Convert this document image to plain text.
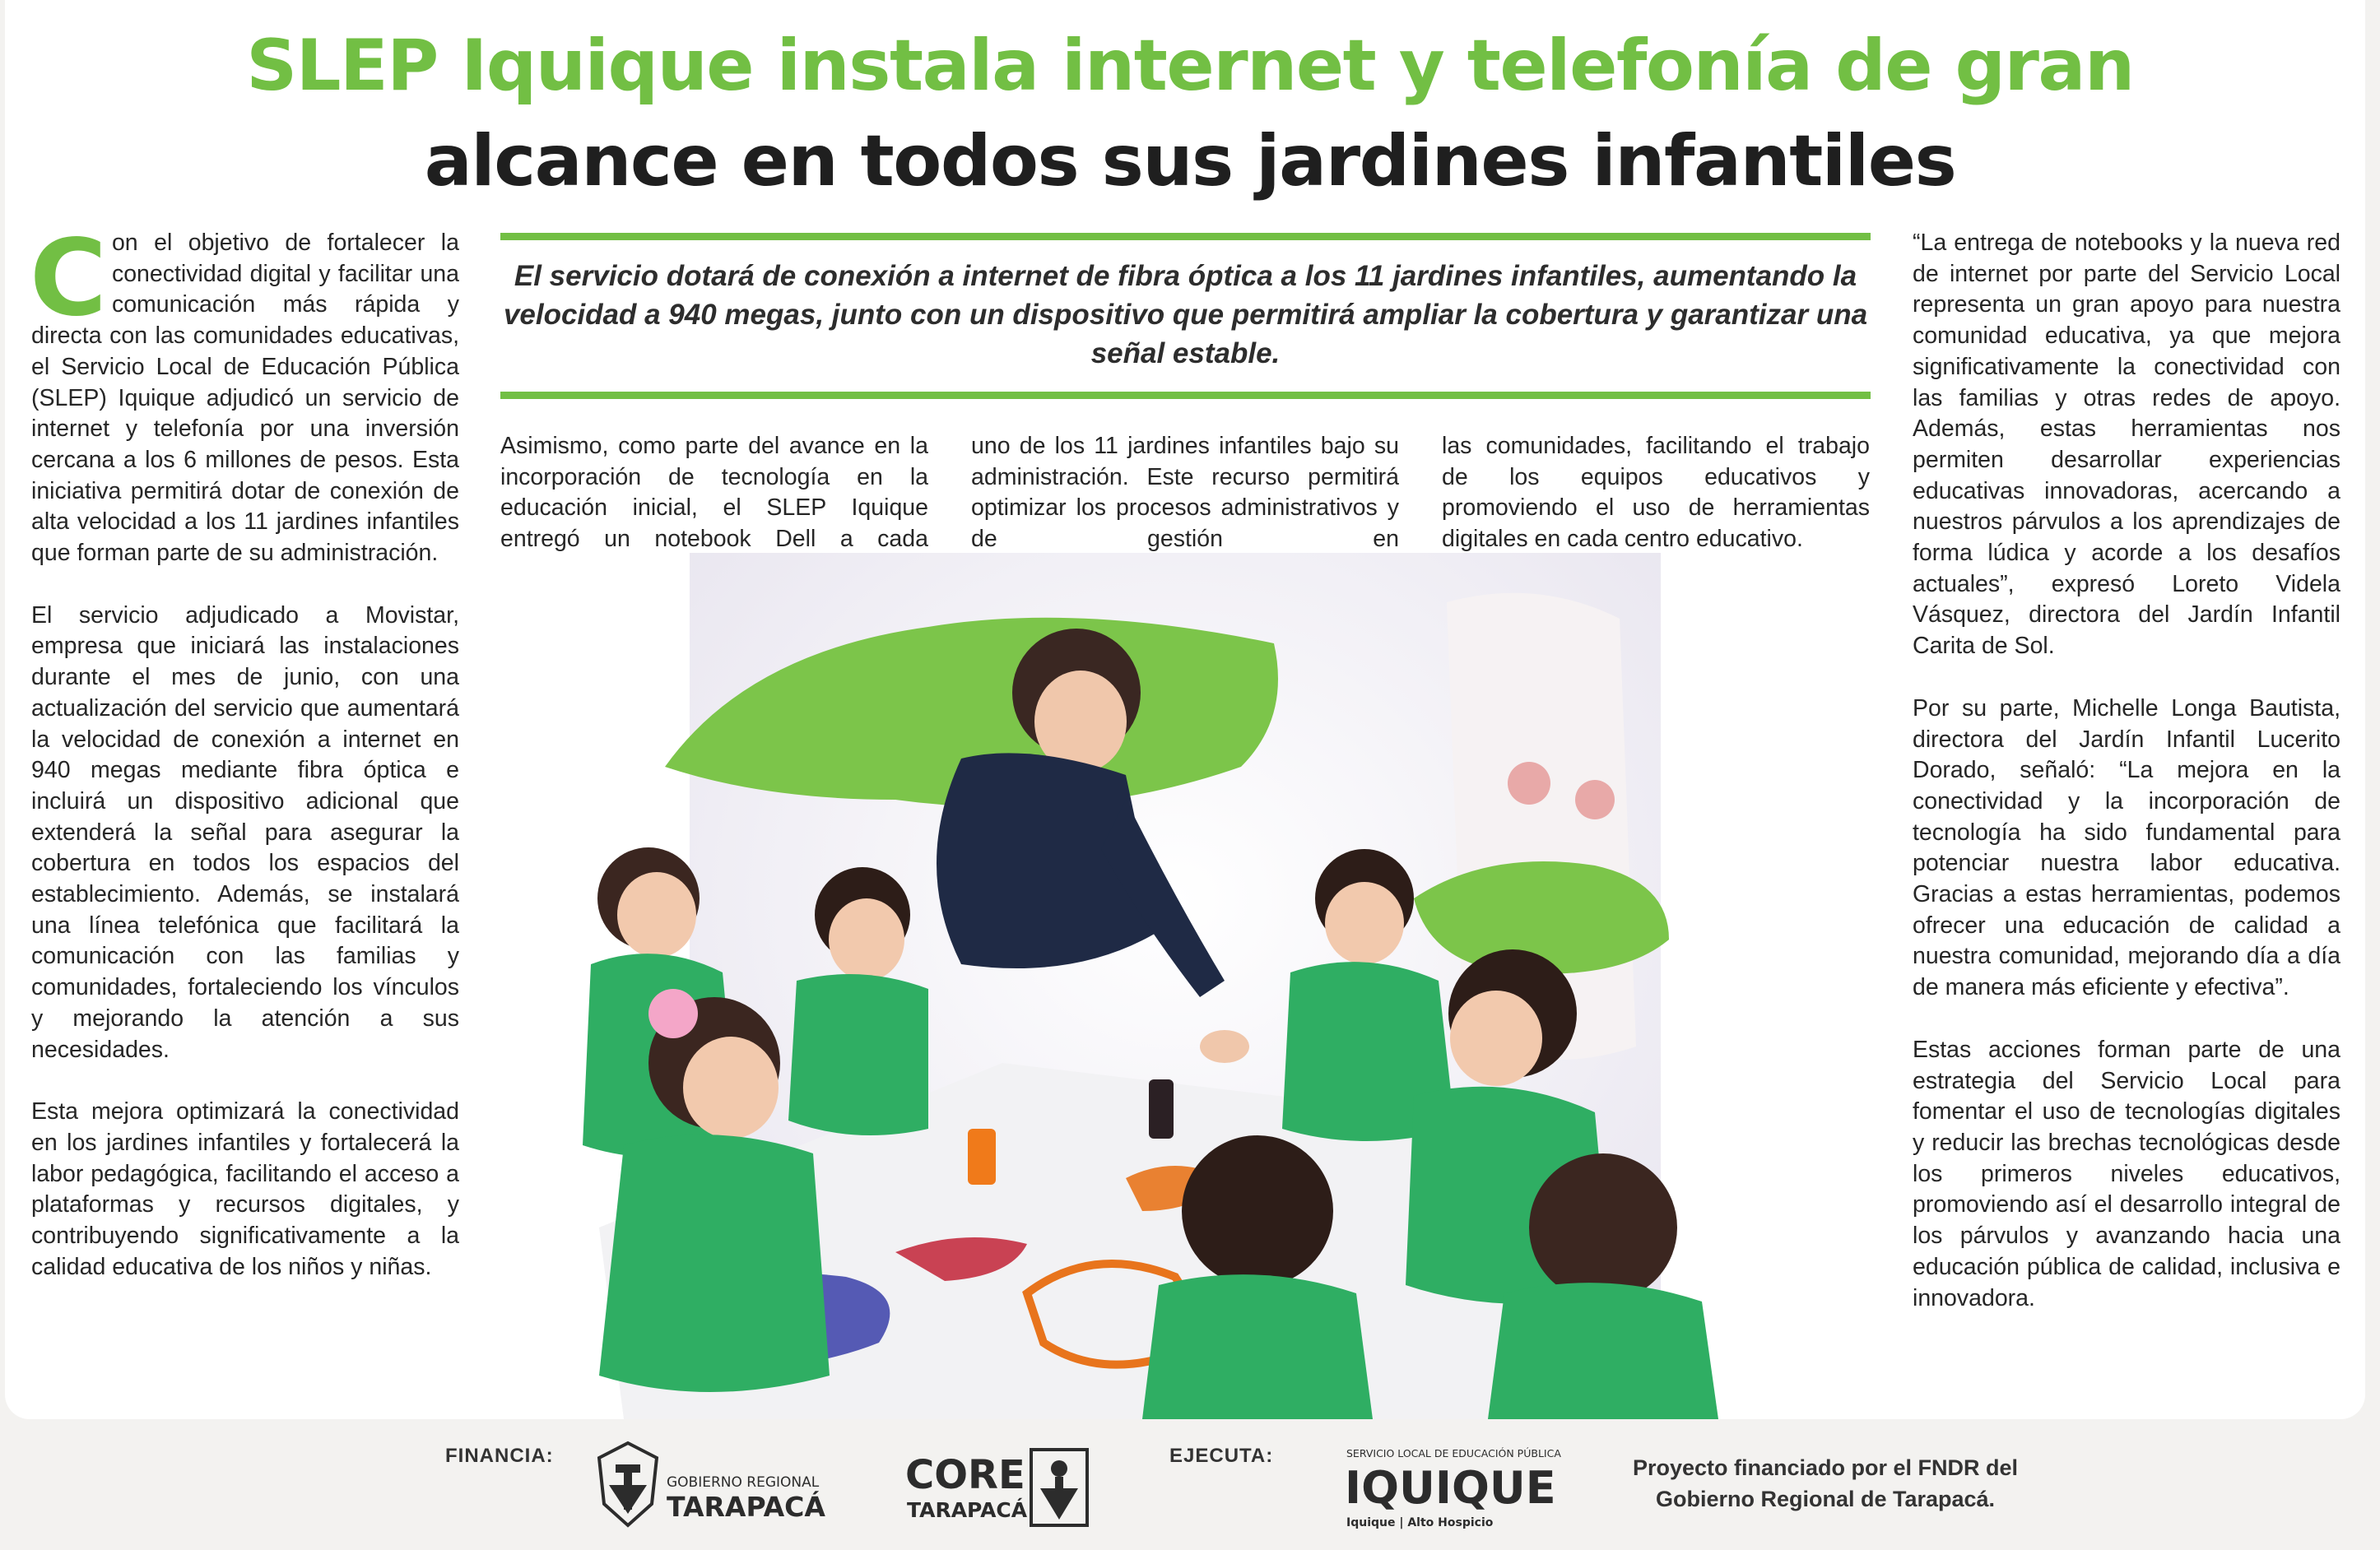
SLEP Iquique instala internet y telefonía de gran
alcance en todos sus jardines infantiles

Con el objetivo de fortalecer la conectividad digital y facilitar una comunicación más rápida y directa con las comunidades educativas, el Servicio Local de Educación Pública (SLEP) Iquique adjudicó un servicio de internet y telefonía por una inversión cercana a los 6 millones de pesos. Esta iniciativa permitirá dotar de conexión de alta velocidad a los 11 jardines infantiles que forman parte de su administración.

El servicio adjudicado a Movistar, empresa que iniciará las instalaciones durante el mes de junio, con una actualización del servicio que aumentará la velocidad de conexión a internet en 940 megas mediante fibra óptica e incluirá un dispositivo adicional que extenderá la señal para asegurar la cobertura en todos los espacios del establecimiento. Además, se instalará una línea telefónica que facilitará la comunicación con las familias y comunidades, fortaleciendo los vínculos y mejorando la atención a sus necesidades.

Esta mejora optimizará la conectividad en los jardines infantiles y fortalecerá la labor pedagógica, facilitando el acceso a plataformas y recursos digitales, y contribuyendo significativamente a la calidad educativa de los niños y niñas.

El servicio dotará de conexión a internet de fibra óptica a los 11 jardines infantiles, aumentando la velocidad a 940 megas, junto con un dispositivo que permitirá ampliar la cobertura y garantizar una señal estable.
Asimismo, como parte del avance en la incorporación de tecnología en la educación inicial, el SLEP Iquique entregó un notebook Dell a cada
uno de los 11 jardines infantiles bajo su administración. Este recurso permitirá optimizar los procesos administrativos y de gestión en
las comunidades, facilitando el trabajo de los equipos educativos y promoviendo el uso de herramientas digitales en cada centro educativo.

“La entrega de notebooks y la nueva red de internet por parte del Servicio Local representa un gran apoyo para nuestra comunidad educativa, ya que mejora significativamente la conectividad con las familias y otras redes de apoyo. Además, estas herramientas nos permiten desarrollar experiencias educativas innovadoras, acercando a nuestros párvulos a los aprendizajes de forma lúdica y acorde a los desafíos actuales”, expresó Loreto Videla Vásquez, directora del Jardín Infantil Carita de Sol.

Por su parte, Michelle Longa Bautista, directora del Jardín Infantil Lucerito Dorado, señaló: “La mejora en la conectividad y la incorporación de tecnología ha sido fundamental para potenciar nuestra labor educativa. Gracias a estas herramientas, podemos ofrecer una educación de calidad a nuestra comunidad, mejorando día a día de manera más eficiente y efectiva”.

Estas acciones forman parte de una estrategia del Servicio Local para fomentar el uso de tecnologías digitales y reducir las brechas tecnológicas desde los primeros niveles educativos, promoviendo así el desarrollo integral de los párvulos y avanzando hacia una educación pública de calidad, inclusiva e innovadora.

FINANCIA:
GOBIERNO REGIONAL
TARAPACÁ
CORE
TARAPACÁ
EJECUTA:	SERVICIO LOCAL DE EDUCACIÓN PÚBLICA
IQUIQUE
Iquique | Alto Hospicio
Proyecto financiado por el FNDR del Gobierno Regional de Tarapacá.
